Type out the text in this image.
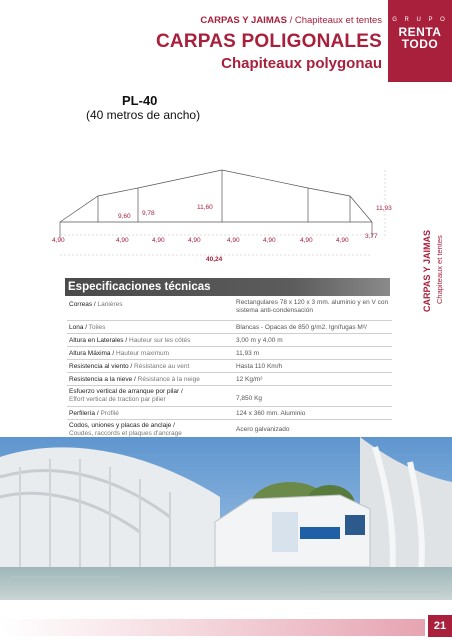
CARPAS Y JAIMAS / Chapiteaux et tentes
CARPAS POLIGONALES
Chapiteaux polygonau
G R U P O
RENTA
TODO
PL-40
(40 metros de ancho)
9,60 9,78
11,60	11,93
3,77
4,90	4,90	4,90	4,90	4,90	4,90	4,90	4,90
40,24	CARPAS Y JAIMAS Chapiteaux et tentes
Especificaciones técnicas
Correas / Lanières	Rectangulares 78 x 120 x 3 mm. aluminio y en V con sistema anti-condensación
Lona / Toiles	Blancas - Opacas de 850 g/m2. Ignífugas M²/
Altura en Laterales / Hauteur sur les côtés	3,00 m y 4,00 m
Altura Máxima / Hauteur maximum	11,93 m
Resistencia al viento / Résistance au vent	Hasta 110 Km/h
Resistencia a la nieve / Résistance à la neige	12 Kg/m²
Esfuerzo vertical de arranque por pilar /
Effort vertical de traction par pilier	7,850 Kg
Perfilería / Profilé	124 x 360 mm. Aluminio
Codos, uniones y placas de anclaje /
Coudes, raccords et plaques d'ancrage
Acero galvanizado
21
